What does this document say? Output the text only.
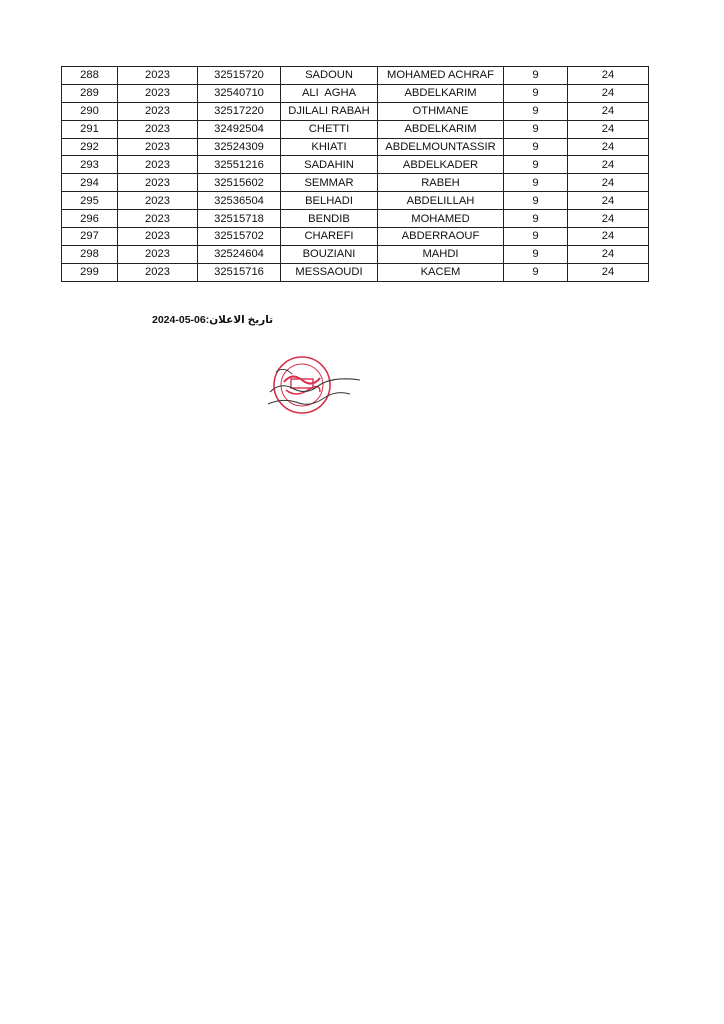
288	2023	32515720	SADOUN	MOHAMED ACHRAF	9	24
289	2023	32540710	ALI  AGHA	ABDELKARIM	9	24
290	2023	32517220	DJILALI RABAH	OTHMANE	9	24
291	2023	32492504	CHETTI	ABDELKARIM	9	24
292	2023	32524309	KHIATI	ABDELMOUNTASSIR	9	24
293	2023	32551216	SADAHIN	ABDELKADER	9	24
294	2023	32515602	SEMMAR	RABEH	9	24
295	2023	32536504	BELHADI	ABDELILLAH	9	24
296	2023	32515718	BENDIB	MOHAMED	9	24
297	2023	32515702	CHAREFI	ABDERRAOUF	9	24
298	2023	32524604	BOUZIANI	MAHDI	9	24
299	2023	32515716	MESSAOUDI	KACEM	9	24
تاريخ الاعلان:2024-05-06
